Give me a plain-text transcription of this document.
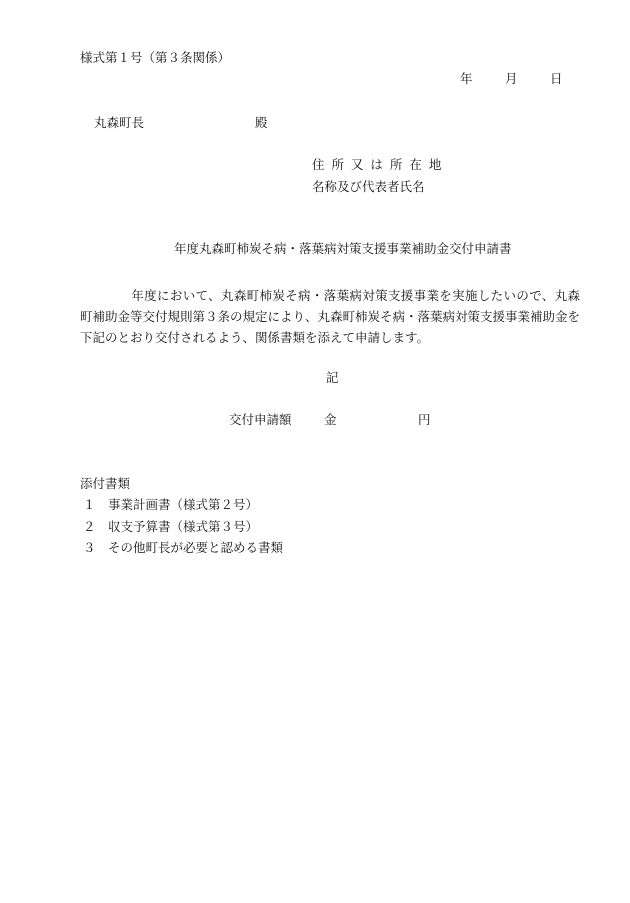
様式第１号（第３条関係）
年	月	日
丸森町長	殿
住 所 又 は 所 在 地
名称及び代表者氏名
年度丸森町柿炭そ病・落葉病対策支援事業補助金交付申請書
年度において、丸森町柿炭そ病・落葉病対策支援事業を実施したいので、丸森町補助金等交付規則第３条の規定により、丸森町柿炭そ病・落葉病対策支援事業補助金を下記のとおり交付されるよう、関係書類を添えて申請します。
記
交付申請額	金	円
添付書類
１ 事業計画書（様式第２号）
２ 収支予算書（様式第３号）
３ その他町長が必要と認める書類
